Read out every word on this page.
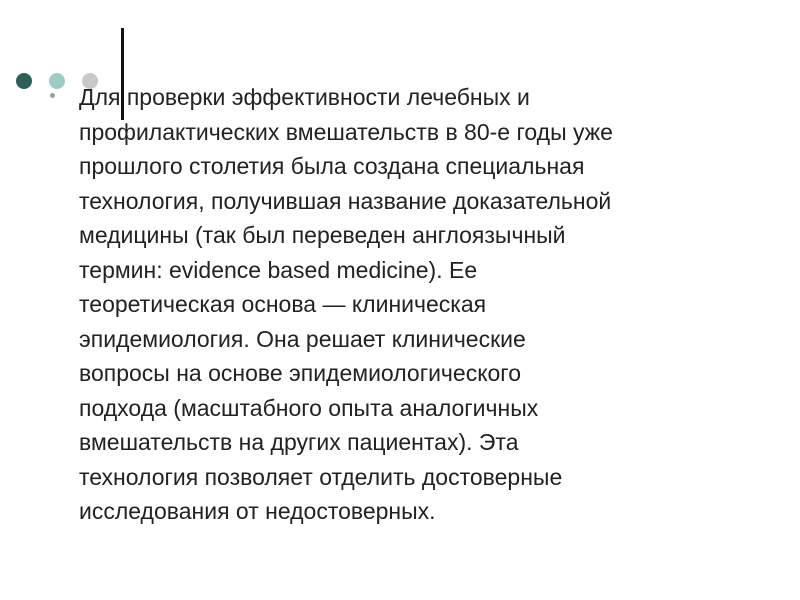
Для проверки эффективности лечебных и
профилактических вмешательств в 80-е годы уже
прошлого столетия была создана специальная
технология, получившая название доказательной
медицины (так был переведен англоязычный
термин: evidence based medicine). Ее
теоретическая основа — клиническая
эпидемиология. Она решает клинические
вопросы на основе эпидемиологического
подхода (масштабного опыта аналогичных
вмешательств на других пациентах). Эта
технология позволяет отделить достоверные
исследования от недостоверных.
